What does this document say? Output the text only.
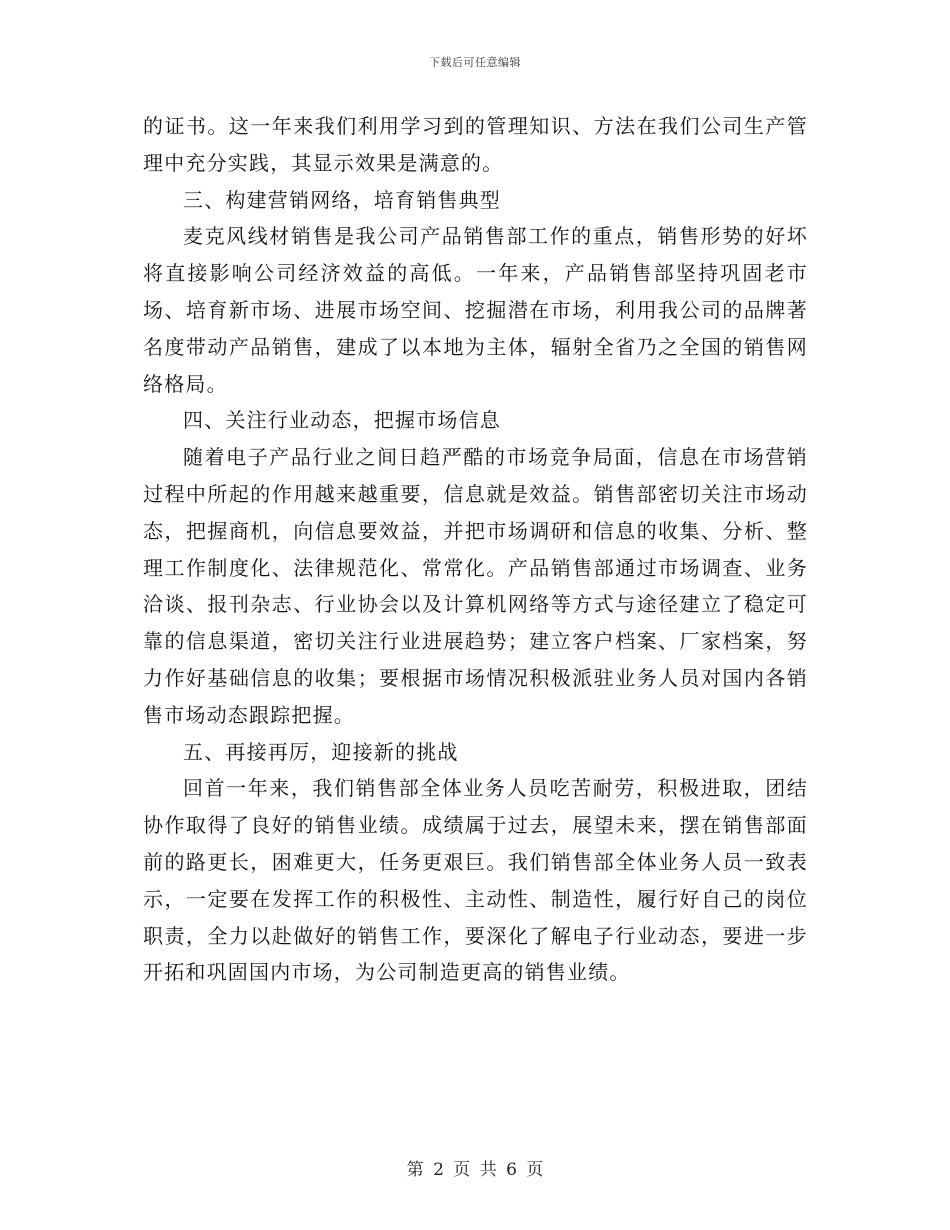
下载后可任意编辑

的证书。这一年来我们利用学习到的管理知识、方法在我们公司生产管理中充分实践，其显示效果是满意的。

三、构建营销网络，培育销售典型

麦克风线材销售是我公司产品销售部工作的重点，销售形势的好坏将直接影响公司经济效益的高低。一年来，产品销售部坚持巩固老市场、培育新市场、进展市场空间、挖掘潜在市场，利用我公司的品牌著名度带动产品销售，建成了以本地为主体，辐射全省乃之全国的销售网络格局。

四、关注行业动态，把握市场信息

随着电子产品行业之间日趋严酷的市场竞争局面，信息在市场营销过程中所起的作用越来越重要，信息就是效益。销售部密切关注市场动态，把握商机，向信息要效益，并把市场调研和信息的收集、分析、整理工作制度化、法律规范化、常常化。产品销售部通过市场调查、业务洽谈、报刊杂志、行业协会以及计算机网络等方式与途径建立了稳定可靠的信息渠道，密切关注行业进展趋势；建立客户档案、厂家档案，努力作好基础信息的收集；要根据市场情况积极派驻业务人员对国内各销售市场动态跟踪把握。

五、再接再厉，迎接新的挑战

回首一年来，我们销售部全体业务人员吃苦耐劳，积极进取，团结协作取得了良好的销售业绩。成绩属于过去，展望未来，摆在销售部面前的路更长，困难更大，任务更艰巨。我们销售部全体业务人员一致表示，一定要在发挥工作的积极性、主动性、制造性，履行好自己的岗位职责，全力以赴做好的销售工作，要深化了解电子行业动态，要进一步开拓和巩固国内市场，为公司制造更高的销售业绩。

第 2 页 共 6 页
